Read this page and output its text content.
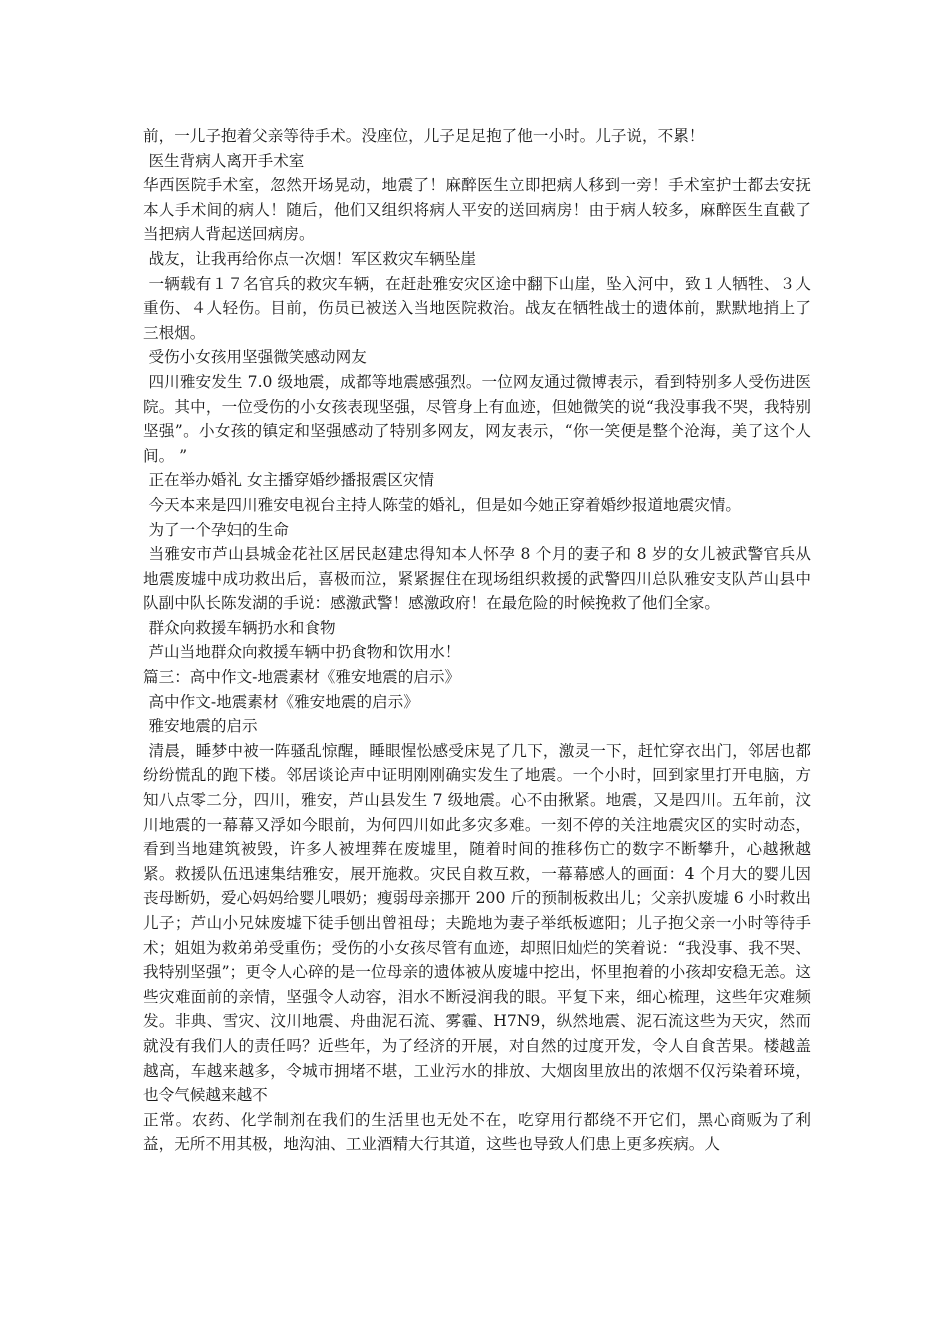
前，一儿子抱着父亲等待手术。没座位，儿子足足抱了他一小时。儿子说，不累！

医生背病人离开手术室

华西医院手术室，忽然开场晃动，地震了！麻醉医生立即把病人移到一旁！手术室护士都去安抚本人手术间的病人！随后，他们又组织将病人平安的送回病房！由于病人较多，麻醉医生直截了当把病人背起送回病房。

战友，让我再给你点一次烟！军区救灾车辆坠崖

一辆载有１７名官兵的救灾车辆，在赶赴雅安灾区途中翻下山崖，坠入河中，致１人牺牲、３人重伤、４人轻伤。目前，伤员已被送入当地医院救治。战友在牺牲战士的遗体前，默默地捎上了三根烟。

受伤小女孩用坚强微笑感动网友

四川雅安发生 7.0 级地震，成都等地震感强烈。一位网友通过微博表示，看到特别多人受伤进医院。其中，一位受伤的小女孩表现坚强，尽管身上有血迹，但她微笑的说“我没事我不哭，我特别坚强”。小女孩的镇定和坚强感动了特别多网友，网友表示，“你一笑便是整个沧海，美了这个人间。 ”

正在举办婚礼 女主播穿婚纱播报震区灾情

今天本来是四川雅安电视台主持人陈莹的婚礼，但是如今她正穿着婚纱报道地震灾情。

为了一个孕妇的生命

当雅安市芦山县城金花社区居民赵建忠得知本人怀孕 8 个月的妻子和 8 岁的女儿被武警官兵从地震废墟中成功救出后，喜极而泣，紧紧握住在现场组织救援的武警四川总队雅安支队芦山县中队副中队长陈发湖的手说：感激武警！感激政府！在最危险的时候挽救了他们全家。

群众向救援车辆扔水和食物

芦山当地群众向救援车辆中扔食物和饮用水！

篇三：高中作文-地震素材《雅安地震的启示》

高中作文-地震素材《雅安地震的启示》

雅安地震的启示

清晨，睡梦中被一阵骚乱惊醒，睡眼惺忪感受床晃了几下，激灵一下，赶忙穿衣出门，邻居也都纷纷慌乱的跑下楼。邻居谈论声中证明刚刚确实发生了地震。一个小时，回到家里打开电脑，方知八点零二分，四川，雅安，芦山县发生 7 级地震。心不由揪紧。地震，又是四川。五年前，汶川地震的一幕幕又浮如今眼前，为何四川如此多灾多难。一刻不停的关注地震灾区的实时动态，看到当地建筑被毁，许多人被埋葬在废墟里，随着时间的推移伤亡的数字不断攀升，心越揪越紧。救援队伍迅速集结雅安，展开施救。灾民自救互救，一幕幕感人的画面：4 个月大的婴儿因丧母断奶，爱心妈妈给婴儿喂奶；瘦弱母亲挪开 200 斤的预制板救出儿；父亲扒废墟 6 小时救出儿子；芦山小兄妹废墟下徒手刨出曾祖母；夫跪地为妻子举纸板遮阳；儿子抱父亲一小时等待手术；姐姐为救弟弟受重伤；受伤的小女孩尽管有血迹，却照旧灿烂的笑着说：“我没事、我不哭、我特别坚强”；更令人心碎的是一位母亲的遗体被从废墟中挖出，怀里抱着的小孩却安稳无恙。这些灾难面前的亲情，坚强令人动容，泪水不断浸润我的眼。平复下来，细心梳理，这些年灾难频发。非典、雪灾、汶川地震、舟曲泥石流、雾霾、H7N9，纵然地震、泥石流这些为天灾，然而就没有我们人的责任吗？近些年，为了经济的开展，对自然的过度开发，令人自食苦果。楼越盖越高，车越来越多，令城市拥堵不堪，工业污水的排放、大烟囱里放出的浓烟不仅污染着环境，也令气候越来越不

正常。农药、化学制剂在我们的生活里也无处不在，吃穿用行都绕不开它们，黑心商贩为了利益，无所不用其极，地沟油、工业酒精大行其道，这些也导致人们患上更多疾病。人
